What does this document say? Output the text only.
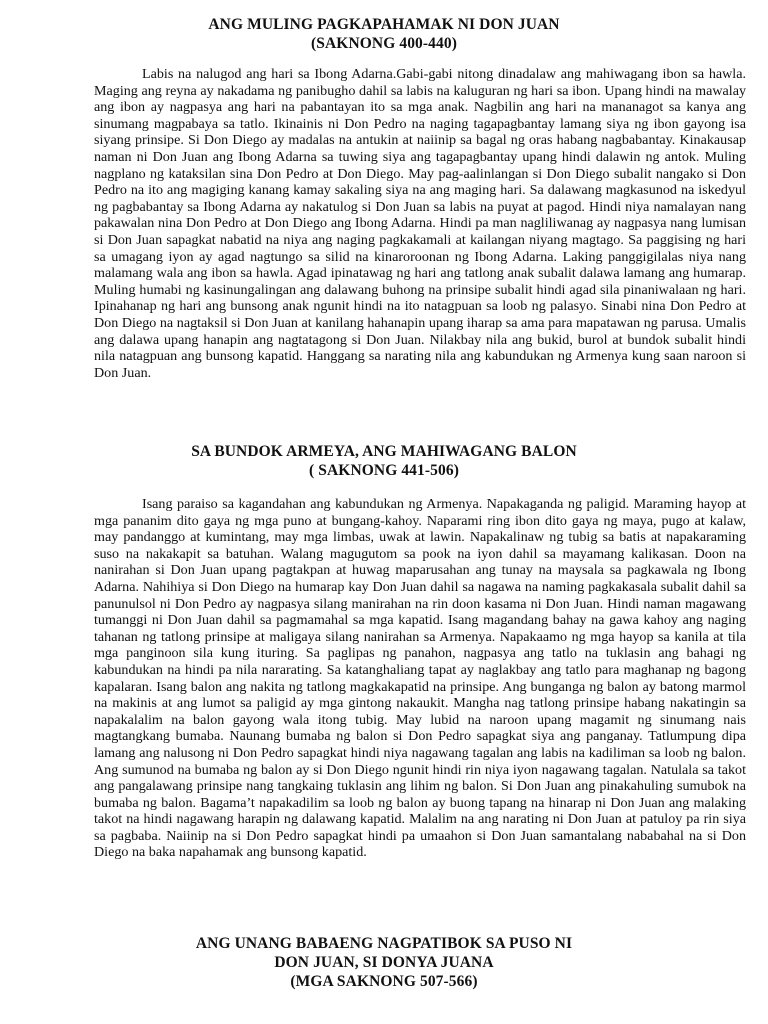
ANG MULING PAGKAPAHAMAK NI DON JUAN
(SAKNONG 400-440)

Labis na nalugod ang hari sa Ibong Adarna.Gabi-gabi nitong dinadalaw ang mahiwagang ibon sa hawla. Maging ang reyna ay nakadama ng panibugho dahil sa labis na kaluguran ng hari sa ibon. Upang hindi na mawalay ang ibon ay nagpasya ang hari na pabantayan ito sa mga anak. Nagbilin ang hari na mananagot sa kanya ang sinumang magpabaya sa tatlo. Ikinainis ni Don Pedro na naging tagapagbantay lamang siya ng ibon gayong isa siyang prinsipe. Si Don Diego ay madalas na antukin at naiinip sa bagal ng oras habang nagbabantay. Kinakausap naman ni Don Juan ang Ibong Adarna sa tuwing siya ang tagapagbantay upang hindi dalawin ng antok. Muling nagplano ng kataksilan sina Don Pedro at Don Diego. May pag-aalinlangan si Don Diego subalit nangako si Don Pedro na ito ang magiging kanang kamay sakaling siya na ang maging hari. Sa dalawang magkasunod na iskedyul ng pagbabantay sa Ibong Adarna ay nakatulog si Don Juan sa labis na puyat at pagod. Hindi niya namalayan nang pakawalan nina Don Pedro at Don Diego ang Ibong Adarna. Hindi pa man nagliliwanag ay nagpasya nang lumisan si Don Juan sapagkat nabatid na niya ang naging pagkakamali at kailangan niyang magtago. Sa paggising ng hari sa umagang iyon ay agad nagtungo sa silid na kinaroroonan ng Ibong Adarna. Laking panggigilalas niya nang malamang wala ang ibon sa hawla. Agad ipinatawag ng hari ang tatlong anak subalit dalawa lamang ang humarap. Muling humabi ng kasinungalingan ang dalawang buhong na prinsipe subalit hindi agad sila pinaniwalaan ng hari. Ipinahanap ng hari ang bunsong anak ngunit hindi na ito natagpuan sa loob ng palasyo. Sinabi nina Don Pedro at Don Diego na nagtaksil si Don Juan at kanilang hahanapin upang iharap sa ama para mapatawan ng parusa. Umalis ang dalawa upang hanapin ang nagtatagong si Don Juan. Nilakbay nila ang bukid, burol at bundok subalit hindi nila natagpuan ang bunsong kapatid. Hanggang sa narating nila ang kabundukan ng Armenya kung saan naroon si Don Juan.

SA BUNDOK ARMEYA, ANG MAHIWAGANG BALON
( SAKNONG 441-506)

Isang paraiso sa kagandahan ang kabundukan ng Armenya. Napakaganda ng paligid. Maraming hayop at mga pananim dito gaya ng mga puno at bungang-kahoy. Naparami ring ibon dito gaya ng maya, pugo at kalaw, may pandanggo at kumintang, may mga limbas, uwak at lawin. Napakalinaw ng tubig sa batis at napakaraming suso na nakakapit sa batuhan. Walang magugutom sa pook na iyon dahil sa mayamang kalikasan. Doon na nanirahan si Don Juan upang pagtakpan at huwag maparusahan ang tunay na maysala sa pagkawala ng Ibong Adarna. Nahihiya si Don Diego na humarap kay Don Juan dahil sa nagawa na naming pagkakasala subalit dahil sa panunulsol ni Don Pedro ay nagpasya silang manirahan na rin doon kasama ni Don Juan. Hindi naman magawang tumanggi ni Don Juan dahil sa pagmamahal sa mga kapatid. Isang magandang bahay na gawa kahoy ang naging tahanan ng tatlong prinsipe at maligaya silang nanirahan sa Armenya. Napakaamo ng mga hayop sa kanila at tila mga panginoon sila kung ituring. Sa paglipas ng panahon, nagpasya ang tatlo na tuklasin ang bahagi ng kabundukan na hindi pa nila nararating. Sa katanghaliang tapat ay naglakbay ang tatlo para maghanap ng bagong kapalaran. Isang balon ang nakita ng tatlong magkakapatid na prinsipe. Ang bunganga ng balon ay batong marmol na makinis at ang lumot sa paligid ay mga gintong nakaukit. Mangha nag tatlong prinsipe habang nakatingin sa napakalalim na balon gayong wala itong tubig. May lubid na naroon upang magamit ng sinumang nais magtangkang bumaba. Naunang bumaba ng balon si Don Pedro sapagkat siya ang panganay. Tatlumpung dipa lamang ang nalusong ni Don Pedro sapagkat hindi niya nagawang tagalan ang labis na kadiliman sa loob ng balon. Ang sumunod na bumaba ng balon ay si Don Diego ngunit hindi rin niya iyon nagawang tagalan. Natulala sa takot ang pangalawang prinsipe nang tangkaing tuklasin ang lihim ng balon. Si Don Juan ang pinakahuling sumubok na bumaba ng balon. Bagama’t napakadilim sa loob ng balon ay buong tapang na hinarap ni Don Juan ang malaking takot na hindi nagawang harapin ng dalawang kapatid. Malalim na ang narating ni Don Juan at patuloy pa rin siya sa pagbaba. Naiinip na si Don Pedro sapagkat hindi pa umaahon si Don Juan samantalang nababahal na si Don Diego na baka napahamak ang bunsong kapatid.

ANG UNANG BABAENG NAGPATIBOK SA PUSO NI
DON JUAN, SI DONYA JUANA
(MGA SAKNONG 507-566)
